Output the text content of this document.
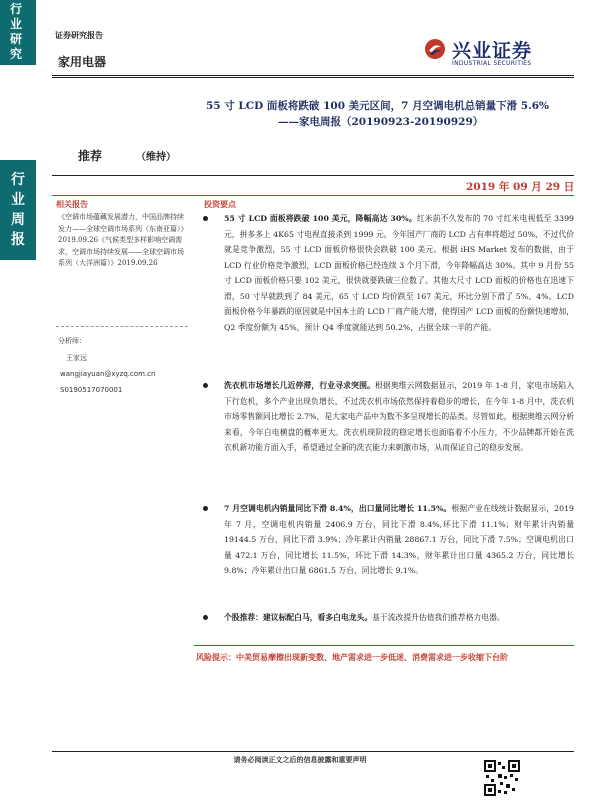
行业研究
行业周报
证券研究报告
家用电器	兴业证券
INDUSTRIAL SECURITIES
55 寸 LCD 面板将跌破 100 美元区间，7 月空调电机总销量下滑 5.6%
——家电周报（20190923-20190929）
推荐	（维持）
2019 年 09 月 29 日
相关报告
《空调市场蕴藏发展潜力，中国品牌持续发力——全球空调市场系列（东南亚篇）》2019.09.26《气候类型多样影响空调需求，空调市场持续发展——全球空调市场系列（大洋洲篇）》2019.09.26
分析师：
王家远
wangjiayuan@xyzq.com.cn
S0190517070001
投资要点
55 寸 LCD 面板将跌破 100 美元，降幅高达 30%。红米前不久发布的 70 寸红米电视低至 3399 元，拼多多上 4K65 寸电视直接杀到 1999 元。今年国产厂商的 LCD 占有率将超过 50%，不过代价就是竞争激烈，55 寸 LCD 面板价格很快会跌破 100 美元。根据 iHS Market 发布的数据，由于 LCD 行业价格竞争激烈，LCD 面板价格已经连续 3 个月下滑，今年降幅高达 30%。其中 9 月份 55 寸 LCD 面板价格只要 102 美元，很快就要跌破三位数了。其他大尺寸 LCD 面板的价格也在迅速下滑，50 寸早就跌到了 84 美元，65 寸 LCD 均价跌至 167 美元，环比分别下滑了 5%、4%。LCD 面板价格今年暴跌的原因就是中国本土的 LCD 厂商产能大增，使得国产 LCD 面板的份额快速增加，Q2 季度份额为 45%，预计 Q4 季度就能达到 50.2%，占据全球一半的产能。
洗衣机市场增长几近停滞，行业寻求突围。根据奥维云网数据显示，2019 年 1-8 月，家电市场陷入下行危机，多个产业出现负增长，不过洗衣机市场依然保持着稳步的增长，在今年 1-8 月中，洗衣机市场零售额同比增长 2.7%，是大家电产品中为数不多呈现增长的品类。尽管如此，根据奥维云网分析来看，今年白电横盘的概率更大。洗衣机现阶段的稳定增长也面临着不小压力，不少品牌都开始在洗衣机新功能方面入手，希望通过全新的洗衣能力来刺激市场，从而保证自己的稳步发展。
7 月空调电机内销量同比下滑 8.4%，出口量同比增长 11.5%。根据产业在线统计数据显示，2019 年 7 月，空调电机内销量 2406.9 万台，同比下滑 8.4%,环比下滑 11.1%；财年累计内销量 19144.5 万台，同比下滑 3.9%；冷年累计内销量 28867.1 万台，同比下滑 7.5%；空调电机出口量 472.1 万台，同比增长 11.5%，环比下滑 14.3%，财年累计出口量 4365.2 万台，同比增长 9.8%；冷年累计出口量 6861.5 万台，同比增长 9.1%。
个股推荐：建议标配白马，看多白电龙头。基于流改提升估值我们推荐格力电器。
风险提示：中美贸易摩擦出现新变数、地产需求进一步低迷、消费需求进一步收缩下台阶
请务必阅读正文之后的信息披露和重要声明
